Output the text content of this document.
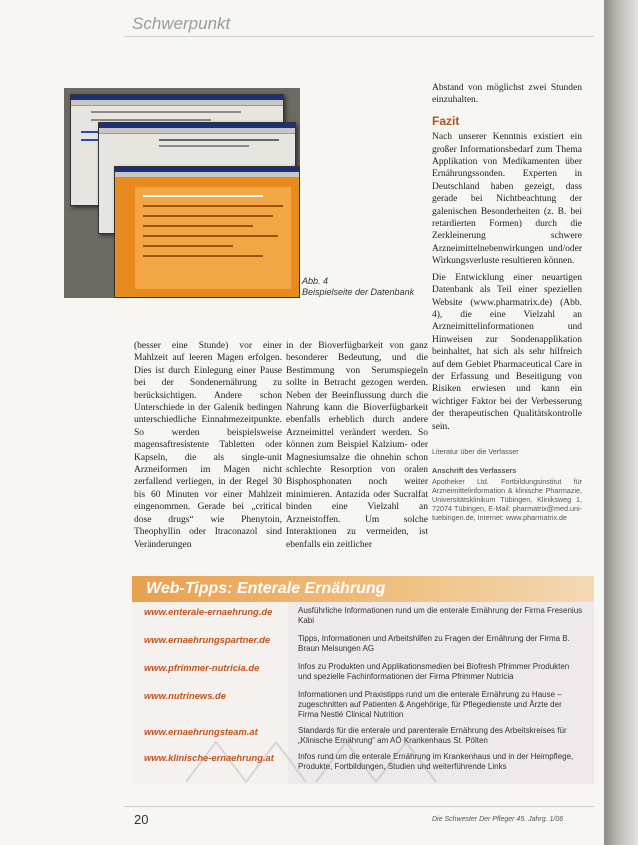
Schwerpunkt
Abb. 4
Beispielseite der Datenbank
(besser eine Stunde) vor einer Mahlzeit auf leeren Magen erfolgen. Dies ist durch Einlegung einer Pause bei der Sondenernährung zu berücksichtigen. Andere schon Unterschiede in der Galenik bedingen unterschiedliche Einnahmezeitpunkte. So werden beispielsweise magensaftresistente Tabletten oder Kapseln, die als single-unit Arzneiformen im Magen nicht zerfallend verliegen, in der Regel 30 bis 60 Minuten vor einer Mahlzeit eingenommen. Gerade bei „critical dose drugs“ wie Phenytoin, Theophyllin oder Itraconazol sind Veränderungen
in der Bioverfügbarkeit von ganz besonderer Bedeutung, und die Bestimmung von Serumspiegeln sollte in Betracht gezogen werden. Neben der Beeinflussung durch die Nahrung kann die Bioverfügbarkeit ebenfalls erheblich durch andere Arzneimittel verändert werden. So können zum Beispiel Kalzium- oder Magnesiumsalze die ohnehin schon schlechte Resorption von oralen Bisphosphonaten noch weiter minimieren. Antazida oder Sucralfat binden eine Vielzahl an Arzneistoffen. Um solche Interaktionen zu vermeiden, ist ebenfalls ein zeitlicher
Abstand von möglichst zwei Stunden einzuhalten.
Fazit
Nach unserer Kenntnis existiert ein großer Informationsbedarf zum Thema Applikation von Medikamenten über Ernährungssonden. Experten in Deutschland haben gezeigt, dass gerade bei Nichtbeachtung der galenischen Besonderheiten (z. B. bei retardierten Formen) durch die Zerkleinerung schwere Arzneimittelnebenwirkungen und/oder Wirkungsverluste resultieren können.
Die Entwicklung einer neuartigen Datenbank als Teil einer speziellen Website (www.pharmatrix.de) (Abb. 4), die eine Vielzahl an Arzneimittelinformationen und Hinweisen zur Sondenapplikation beinhaltet, hat sich als sehr hilfreich auf dem Gebiet Pharmaceutical Care in der Erfassung und Beseitigung von Risiken erwiesen und kann ein wichtiger Faktor bei der Verbesserung der therapeutischen Qualitätskontrolle sein.
Literatur über die Verfasser
Anschrift des Verfassers
Apotheker Ltd. Fortbildungsinstitut für Arzneimittelinformation & klinische Pharmazie, Universitätsklinikum Tübingen, Kliniksweg 1, 72074 Tübingen, E-Mail: pharmatrix@med.uni-tuebingen.de, Internet: www.pharmatrix.de
Web-Tipps: Enterale Ernährung
www.enterale-ernaehrung.de	Ausführliche Informationen rund um die enterale Ernährung der Firma Fresenius Kabi
www.ernaehrungspartner.de	Tipps, Informationen und Arbeitshilfen zu Fragen der Ernährung der Firma B. Braun Melsungen AG
www.pfrimmer-nutricia.de	Infos zu Produkten und Applikationsmedien bei Biofresh Pfrimmer Produkten und spezielle Fachinformationen der Firma Pfrimmer Nutricia
www.nutrinews.de	Informationen und Praxistipps rund um die enterale Ernährung zu Hause – zugeschnitten auf Patienten & Angehörige, für Pflegedienste und Ärzte der Firma Nestlé Clinical Nutrition
www.ernaehrungsteam.at	Standards für die enterale und parenterale Ernährung des Arbeitskreises für „Klinische Ernährung“ am AÖ Krankenhaus St. Pölten
www.klinische-ernaehrung.at	Infos rund um die enterale Ernährung im Krankenhaus und in der Heimpflege, Produkte, Fortbildungen, Studien und weiterführende Links
20	Die Schwester Der Pfleger 45. Jahrg. 1/06
